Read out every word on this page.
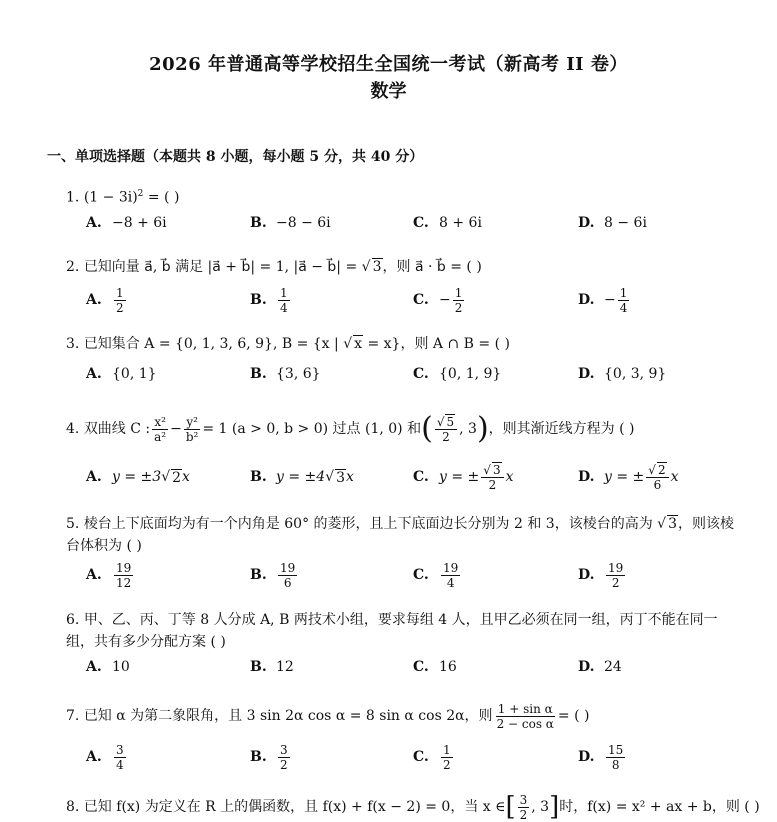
2026 年普通高等学校招生全国统一考试（新高考 II 卷）
数学
一、单项选择题（本题共 8 小题，每小题 5 分，共 40 分）
1. $(1 - 3i)^2$ = ( )
A. −8 + 6i	B. −8 − 6i	C. 8 + 6i	D. 8 − 6i
2. 已知向量 a⃗, b⃗ 满足 |a⃗ + b⃗| = 1, |a⃗ − b⃗| = √ 3，则 a⃗ · b⃗ = ( )
A.	$\frac{1}{2}$	B. $\frac{1}{4}$	C. − $\frac{1}{2}$	D. − $\frac{1}{4}$
3. 已知集合 A = {0, 1, 3, 6, 9}, B = {x | √ x = x}，则 A ∩ B = ( )
A. {0, 1}	B. {3, 6}	C. {0, 1, 9}	D. {0, 3, 9}
4.
双曲线 C : $\frac{\text{x²}}{\text{a²}} - \frac{\text{y²}}{\text{b²}} = 1$ (a > 0, b > 0) 过点 (1, 0) 和 ( √ $\frac{5}{2}$ , 3 ) ，则其渐近线方程为 ( )
A. y = ±3 √ 2 x	B. y = ±4 √ 3 x	C. y = ± √ $\frac{3}{2}$ x	D. y = ± √ $\frac{2}{6}$ x
5. 棱台上下底面均为有一个内角是 60° 的菱形，且上下底面边长分别为 2 和 3，该棱台的高为 √ 3，则该棱台体积为 ( )
A.	$\frac{19}{12}$	B. $\frac{19}{6}$	C.	$\frac{19}{4}$	D. $\frac{19}{2}$
6. 甲、乙、丙、丁等 8 人分成 A, B 两技术小组，要求每组 4 人，且甲乙必须在同一组，丙丁不能在同一组，共有多少分配方案 ( )
A. 10	B. 12	C. 16	D. 24
7.
已知 α 为第二象限角，且 3 sin 2α cos α = 8 sin α cos 2α，则 $\frac{\text{1 + sin α}}{\text{2 − cos α}}$ = ( )
A.	$\frac{3}{4}$	B. $\frac{3}{2}$	C.	$\frac{1}{2}$	D. $\frac{15}{8}$
8.
已知 f(x) 为定义在 R 上的偶函数，且 f(x) + f(x − 2) = 0，当 x ∈ [ $\frac{3}{2}$ , 3 ] 时，f(x) = x² + ax + b，则 ( )
